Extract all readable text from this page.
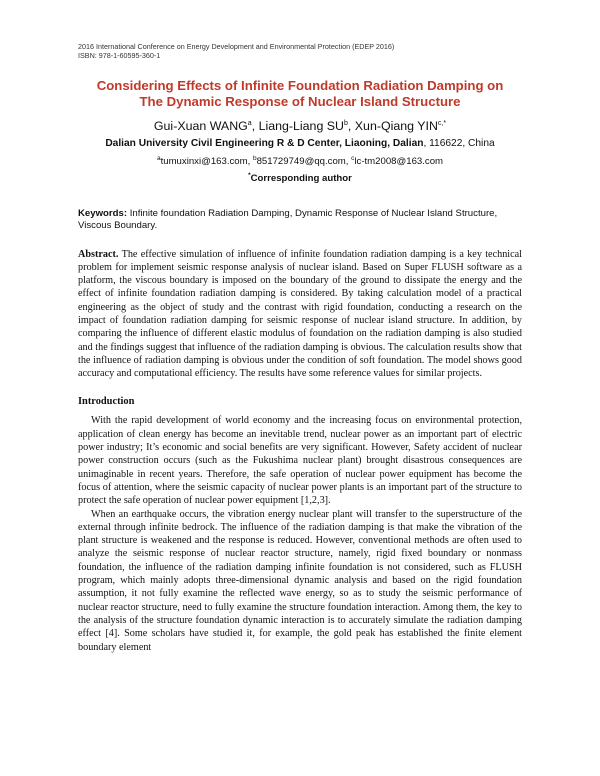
2016 International Conference on Energy Development and Environmental Protection (EDEP 2016)
ISBN: 978-1-60595-360-1
Considering Effects of Infinite Foundation Radiation Damping on
The Dynamic Response of Nuclear Island Structure
Gui-Xuan WANG$^a$, Liang-Liang $SU^b$, Xun-Qiang $YIN^{c,*}$
Dalian University Civil Engineering R & D Center, Liaoning, Dalian, 116622, China
$^a$tumuxinxi@163.com, $^b$851729749@qq.com, $^c$lc-tm2008@163.com
*Corresponding author
Keywords: Infinite foundation Radiation Damping, Dynamic Response of Nuclear Island Structure, Viscous Boundary.
Abstract. The effective simulation of influence of infinite foundation radiation damping is a key technical problem for implement seismic response analysis of nuclear island. Based on Super FLUSH software as a platform, the viscous boundary is imposed on the boundary of the ground to dissipate the energy and the effect of infinite foundation radiation damping is considered. By taking calculation model of a practical engineering as the object of study and the contrast with rigid foundation, conducting a research on the impact of foundation radiation damping for seismic response of nuclear island structure. In addition, by comparing the influence of different elastic modulus of foundation on the radiation damping is also studied and the findings suggest that influence of the radiation damping is obvious. The calculation results show that the influence of radiation damping is obvious under the condition of soft foundation. The model shows good accuracy and computational efficiency. The results have some reference values for similar projects.
Introduction
With the rapid development of world economy and the increasing focus on environmental protection, application of clean energy has become an inevitable trend, nuclear power as an important part of electric power industry; It’s economic and social benefits are very significant. However, Safety accident of nuclear power construction occurs (such as the Fukushima nuclear plant) brought disastrous consequences are unimaginable in recent years. Therefore, the safe operation of nuclear power equipment has become the focus of attention, where the seismic capacity of nuclear power plants is an important part of the structure to protect the safe operation of nuclear power equipment [1,2,3].
When an earthquake occurs, the vibration energy nuclear plant will transfer to the superstructure of the external through infinite bedrock. The influence of the radiation damping is that make the vibration of the plant structure is weakened and the response is reduced. However, conventional methods are often used to analyze the seismic response of nuclear reactor structure, namely, rigid fixed boundary or nonmass foundation, the influence of the radiation damping infinite foundation is not considered, such as FLUSH program, which mainly adopts three-dimensional dynamic analysis and based on the rigid foundation assumption, it not fully examine the reflected wave energy, so as to study the seismic performance of nuclear reactor structure, need to fully examine the structure foundation interaction. Among them, the key to the analysis of the structure foundation dynamic interaction is to accurately simulate the radiation damping effect [4]. Some scholars have studied it, for example, the gold peak has established the finite element boundary element
